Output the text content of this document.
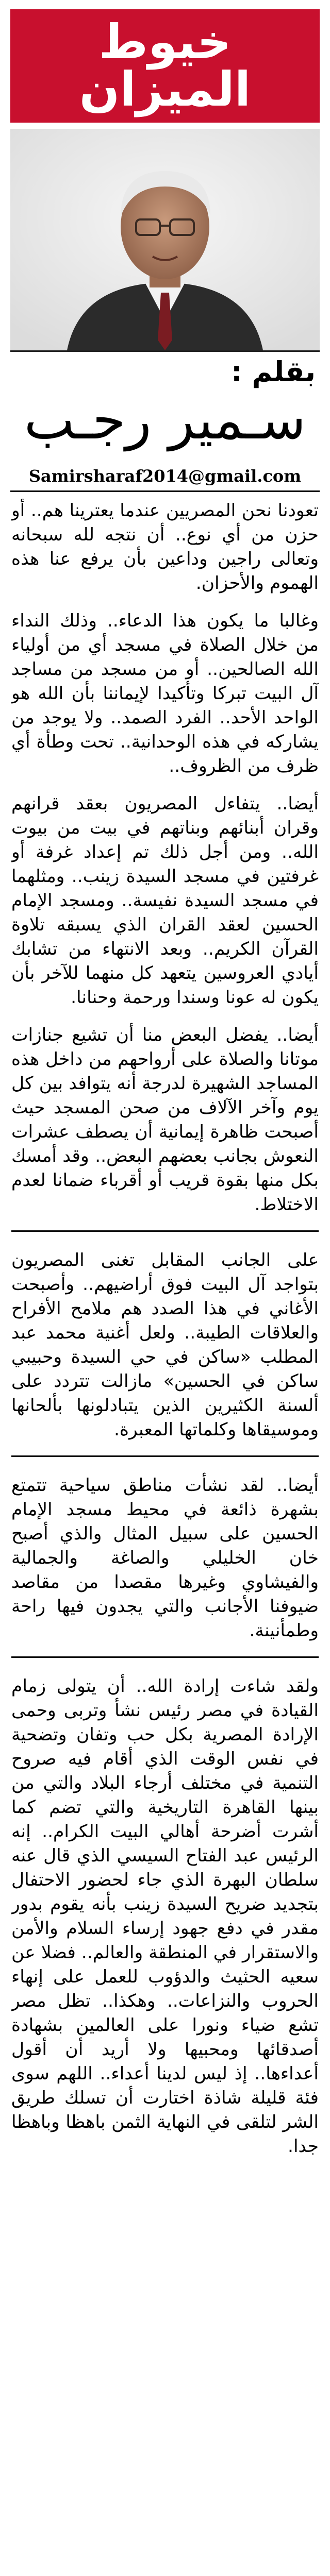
خيوط الميزان
بقلم :
سـمير رجـب
Samirsharaf2014@gmail.com

تعودنا نحن المصريين عندما يعترينا هم.. أو حزن من أي نوع.. أن نتجه لله سبحانه وتعالى راجين وداعين بأن يرفع عنا هذه الهموم والأحزان.

وغالبا ما يكون هذا الدعاء.. وذلك النداء من خلال الصلاة في مسجد أي من أولياء الله الصالحين.. أو من مسجد من مساجد آل البيت تبركا وتأكيدا لإيماننا بأن الله هو الواحد الأحد.. الفرد الصمد.. ولا يوجد من يشاركه في هذه الوحدانية.. تحت وطأة أي ظرف من الظروف..

أيضا.. يتفاءل المصريون بعقد قرانهم وقران أبنائهم وبناتهم في بيت من بيوت الله.. ومن أجل ذلك تم إعداد غرفة أو غرفتين في مسجد السيدة زينب.. ومثلهما في مسجد السيدة نفيسة.. ومسجد الإمام الحسين لعقد القران الذي يسبقه تلاوة القرآن الكريم.. وبعد الانتهاء من تشابك أيادي العروسين يتعهد كل منهما للآخر بأن يكون له عونا وسندا ورحمة وحنانا.

أيضا.. يفضل البعض منا أن تشيع جنازات موتانا والصلاة على أرواحهم من داخل هذه المساجد الشهيرة لدرجة أنه يتوافد بين كل يوم وآخر الآلاف من صحن المسجد حيث أصبحت ظاهرة إيمانية أن يصطف عشرات النعوش بجانب بعضهم البعض.. وقد أمسك بكل منها بقوة قريب أو أقرباء ضمانا لعدم الاختلاط.

على الجانب المقابل تغنى المصريون بتواجد آل البيت فوق أراضيهم.. وأصبحت الأغاني في هذا الصدد هم ملامح الأفراح والعلاقات الطيبة.. ولعل أغنية محمد عبد المطلب «ساكن في حي السيدة وحبيبي ساكن في الحسين» مازالت تتردد على ألسنة الكثيرين الذين يتبادلونها بألحانها وموسيقاها وكلماتها المعبرة.

أيضا.. لقد نشأت مناطق سياحية تتمتع بشهرة ذائعة في محيط مسجد الإمام الحسين على سبيل المثال والذي أصبح خان الخليلي والصاغة والجمالية والفيشاوي وغيرها مقصدا من مقاصد ضيوفنا الأجانب والتي يجدون فيها راحة وطمأنينة.

ولقد شاءت إرادة الله.. أن يتولى زمام القيادة في مصر رئيس نشأ وتربى وحمى الإرادة المصرية بكل حب وتفان وتضحية في نفس الوقت الذي أقام فيه صروح التنمية في مختلف أرجاء البلاد والتي من بينها القاهرة التاريخية والتي تضم كما أشرت أضرحة أهالي البيت الكرام.. إنه الرئيس عبد الفتاح السيسي الذي قال عنه سلطان البهرة الذي جاء لحضور الاحتفال بتجديد ضريح السيدة زينب بأنه يقوم بدور مقدر في دفع جهود إرساء السلام والأمن والاستقرار في المنطقة والعالم.. فضلا عن سعيه الحثيث والدؤوب للعمل على إنهاء الحروب والنزاعات.. وهكذا.. تظل مصر تشع ضياء ونورا على العالمين بشهادة أصدقائها ومحبيها ولا أريد أن أقول أعداءها.. إذ ليس لدينا أعداء.. اللهم سوى فئة قليلة شاذة اختارت أن تسلك طريق الشر لتلقى في النهاية الثمن باهظا وباهظا جدا.
